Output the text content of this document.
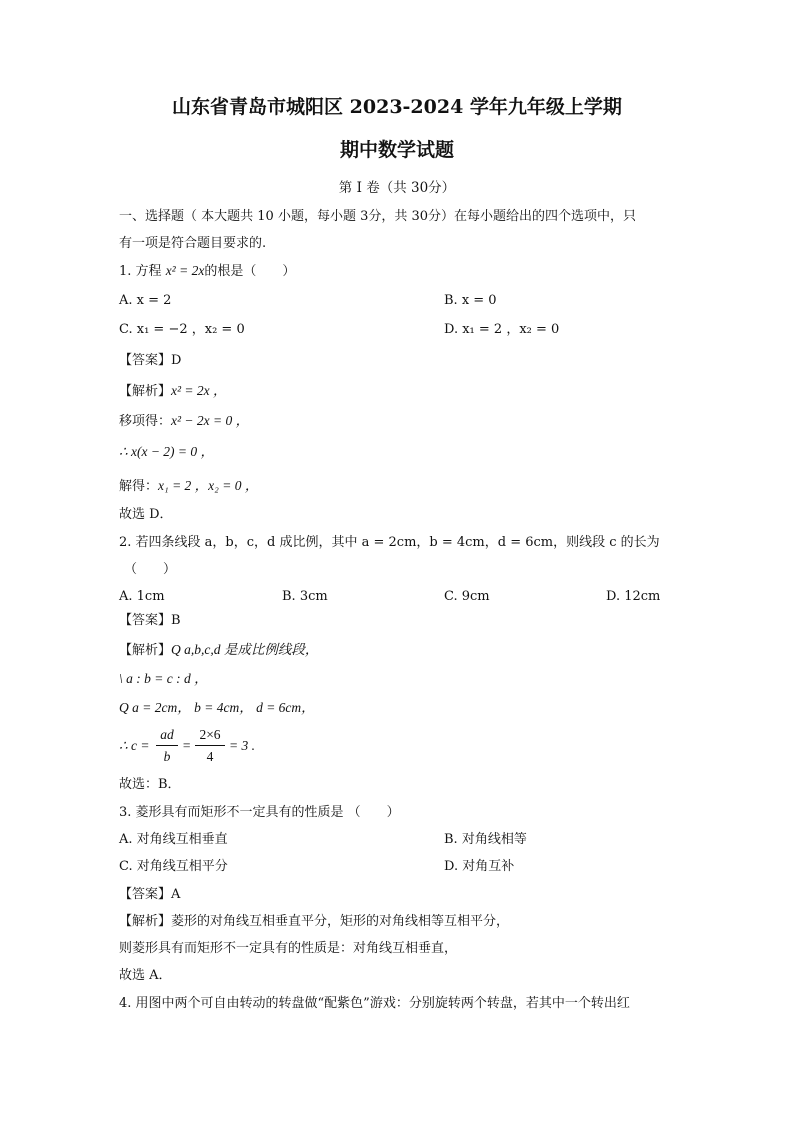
山东省青岛市城阳区 2023-2024 学年九年级上学期
期中数学试题
第 I 卷（共 30分）
一、选择题（ 本大题共 10 小题，每小题 3分，共 30分）在每小题给出的四个选项中，只
有一项是符合题目要求的.
1. 方程 x² = 2x的根是（　　）
A. x = 2	B. x = 0
C. x₁ = −2 ，x₂ = 0	D. x₁ = 2 ，x₂ = 0
【答案】D
【解析】x² = 2x ，
移项得：x² − 2x = 0 ，
∴ x(x − 2) = 0 ，
解得：x₁ = 2 ，x₂ = 0 ，
故选 D．
2. 若四条线段 a，b，c，d 成比例，其中 a = 2cm，b = 4cm，d = 6cm，则线段 c 的长为
（　　）
A. 1cm	B. 3cm	C. 9cm	D. 12cm
【答案】B
【解析】Q a,b,c,d 是成比例线段，
\ a : b = c : d ，
Q a = 2cm， b = 4cm， d = 6cm，
∴ c =
ad
b
=
2×6
4
= 3 .
故选：B．
3. 菱形具有而矩形不一定具有的性质是 （　　）
A. 对角线互相垂直	B. 对角线相等
C. 对角线互相平分	D. 对角互补
【答案】A
【解析】菱形的对角线互相垂直平分，矩形的对角线相等互相平分，
则菱形具有而矩形不一定具有的性质是：对角线互相垂直，
故选 A．
4. 用图中两个可自由转动的转盘做“配紫色”游戏：分别旋转两个转盘，若其中一个转出红
